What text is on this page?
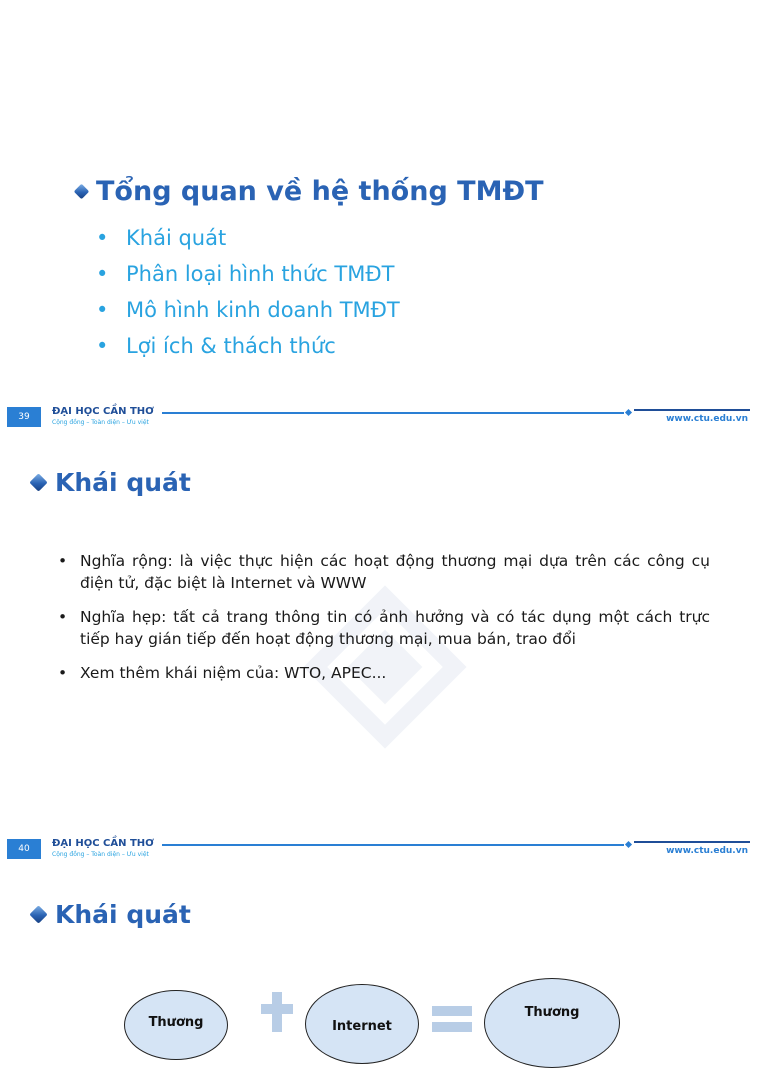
Tổng quan về hệ thống TMĐT
• Khái quát
• Phân loại hình thức TMĐT
• Mô hình kinh doanh TMĐT
• Lợi ích & thách thức
39	ĐẠI HỌC CẦN THƠ
Cộng đồng – Toàn diện – Ưu việt	www.ctu.edu.vn
Khái quát
• Nghĩa rộng: là việc thực hiện các hoạt động thương mại dựa trên các công cụ điện tử, đặc biệt là Internet và WWW
• Nghĩa hẹp: tất cả trang thông tin có ảnh hưởng và có tác dụng một cách trực tiếp hay gián tiếp đến hoạt động thương mại, mua bán, trao đổi
• Xem thêm khái niệm của: WTO, APEC...
40	ĐẠI HỌC CẦN THƠ
Cộng đồng – Toàn diện – Ưu việt	www.ctu.edu.vn
Khái quát
Thương	Internet
Thương
